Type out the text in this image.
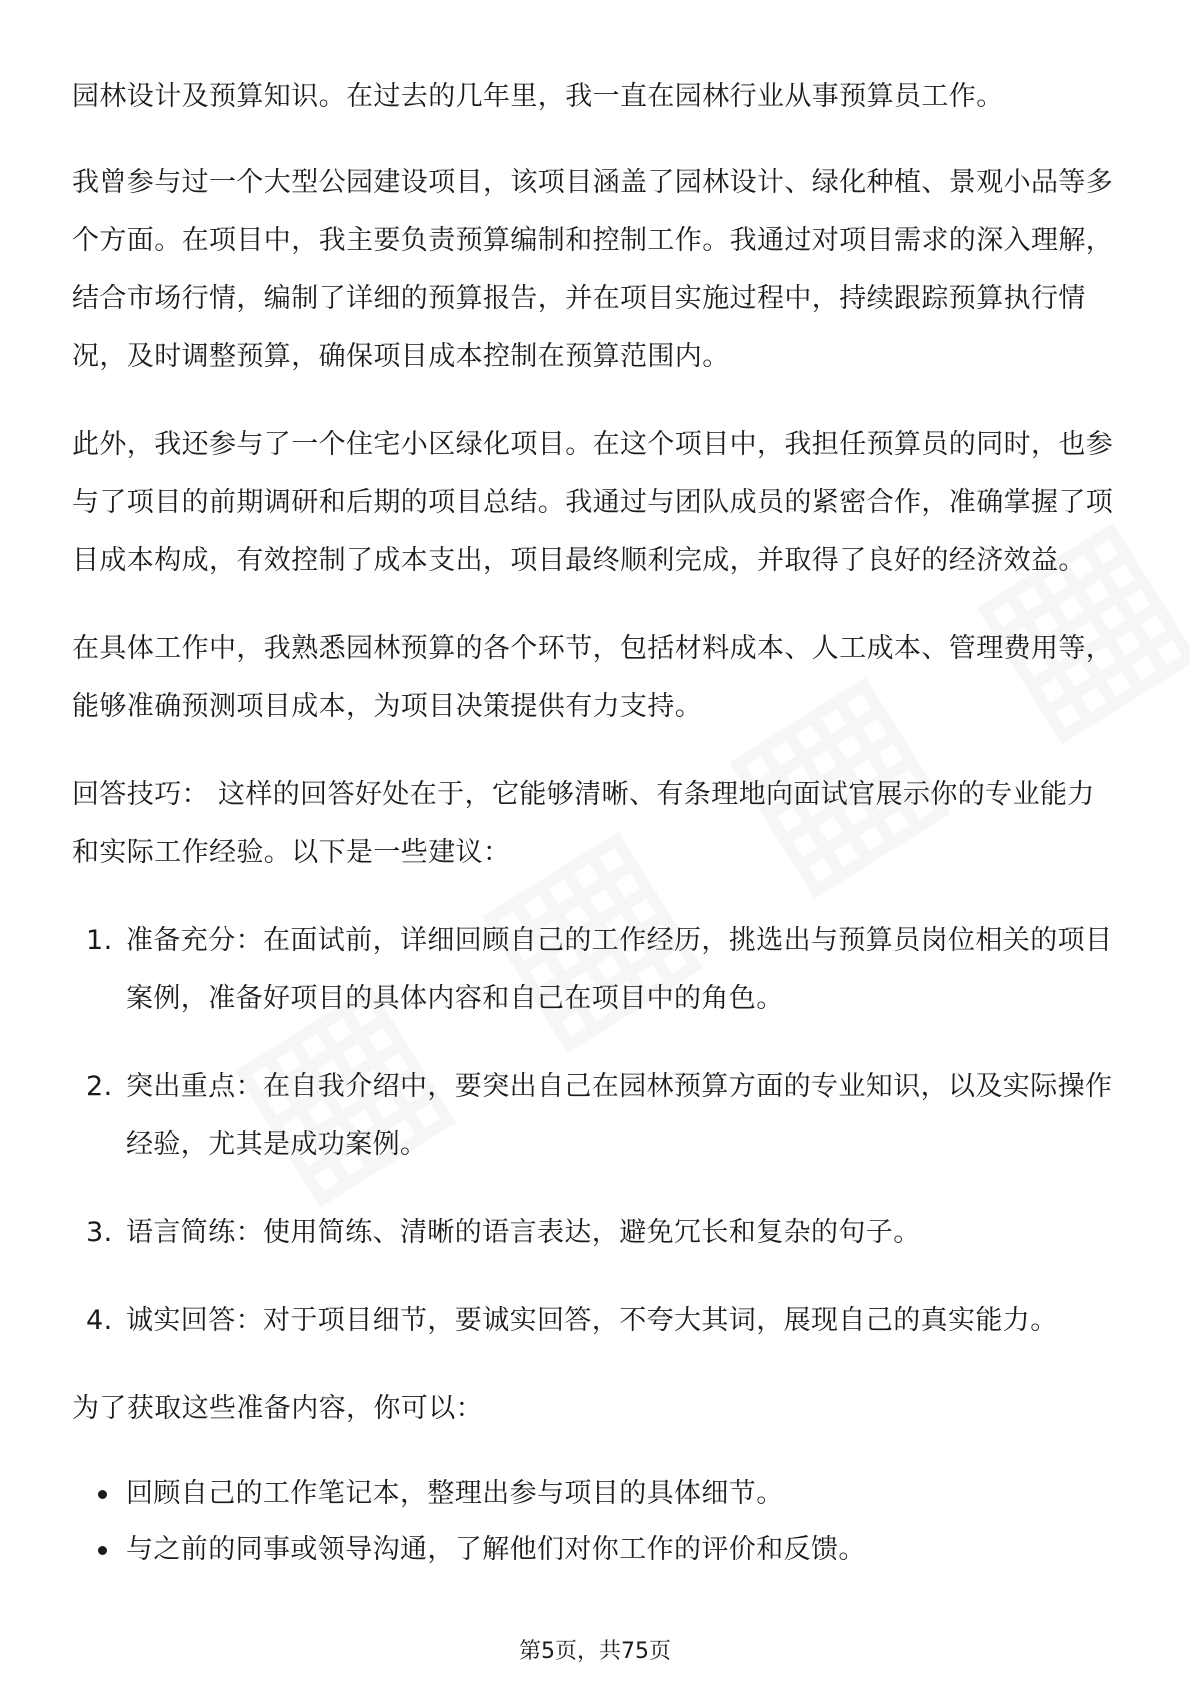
园林设计及预算知识。在过去的几年里，我一直在园林行业从事预算员工作。

我曾参与过一个大型公园建设项目，该项目涵盖了园林设计、绿化种植、景观小品等多个方面。在项目中，我主要负责预算编制和控制工作。我通过对项目需求的深入理解，结合市场行情，编制了详细的预算报告，并在项目实施过程中，持续跟踪预算执行情况，及时调整预算，确保项目成本控制在预算范围内。

此外，我还参与了一个住宅小区绿化项目。在这个项目中，我担任预算员的同时，也参与了项目的前期调研和后期的项目总结。我通过与团队成员的紧密合作，准确掌握了项目成本构成，有效控制了成本支出，项目最终顺利完成，并取得了良好的经济效益。

在具体工作中，我熟悉园林预算的各个环节，包括材料成本、人工成本、管理费用等，能够准确预测项目成本，为项目决策提供有力支持。

回答技巧： 这样的回答好处在于，它能够清晰、有条理地向面试官展示你的专业能力和实际工作经验。以下是一些建议：

1. 准备充分：在面试前，详细回顾自己的工作经历，挑选出与预算员岗位相关的项目案例，准备好项目的具体内容和自己在项目中的角色。
2. 突出重点：在自我介绍中，要突出自己在园林预算方面的专业知识，以及实际操作经验，尤其是成功案例。
3. 语言简练：使用简练、清晰的语言表达，避免冗长和复杂的句子。
4. 诚实回答：对于项目细节，要诚实回答，不夸大其词，展现自己的真实能力。

为了获取这些准备内容，你可以：

回顾自己的工作笔记本，整理出参与项目的具体细节。
与之前的同事或领导沟通，了解他们对你工作的评价和反馈。
第5页，共75页
